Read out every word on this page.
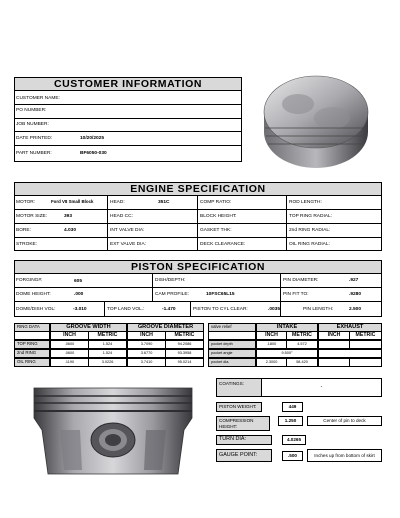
CUSTOMER INFORMATION
CUSTOMER NAME:
PO NUMBER:
JOB NUMBER:
DATE PRINTED:	10/20/2025
PART NUMBER:	BF6050-030
ENGINE SPECIFICATION
MOTOR:	Ford V8 Small Block	HEAD:	351C	COMP RATIO:	ROD LENGTH:
MOTOR SIZE:	393	HEAD CC:	BLOCK HEIGHT:	TOP RING RADIAL:
BORE:	4.030	INT VALVE DIA:	GASKET THK:	2nd RING RADIAL:
STROKE:	EXT VALVE DIA:	DECK CLEARANCE:	OIL RING RADIAL:
PISTON SPECIFICATION
FORGING#:	605	DISH/DEPTH:	PIN DIAMETER:	.927
DOME HEIGHT:	.000	CAM PROFILE:	10FSC65L15	PIN FIT TO:	.9280
DOME/DISH VOL:	-3.010	TOP LAND VOL.:	-1.470	PISTON TO CYL CLEAR:	.0035	PIN LENGTH:	2.500
RING DATA	GROOVE WIDTH	GROOVE DIAMETER
INCH	METRIC	INCH	METRIC
TOP RING	.0600	1.524	3.7090	94.2086
2nd RING	.0600	1.524	3.6770	93.3958
OIL RING	.1190	3.0226	3.7410	95.0214
valve relief	INTAKE	EXHAUST
INCH	METRIC	INCH	METRIC
pocket depth	.1800	4.572
pocket angle	9.500°
pocket dia.	2.3000	58.420
COATINGS:
-
PISTON WEIGHT:	449
COMPRESSION HEIGHT:
1.250	Center of pin to deck
TURN DIA:	4.0265
GAUGE POINT:	.500	Inches up from bottom of skirt
